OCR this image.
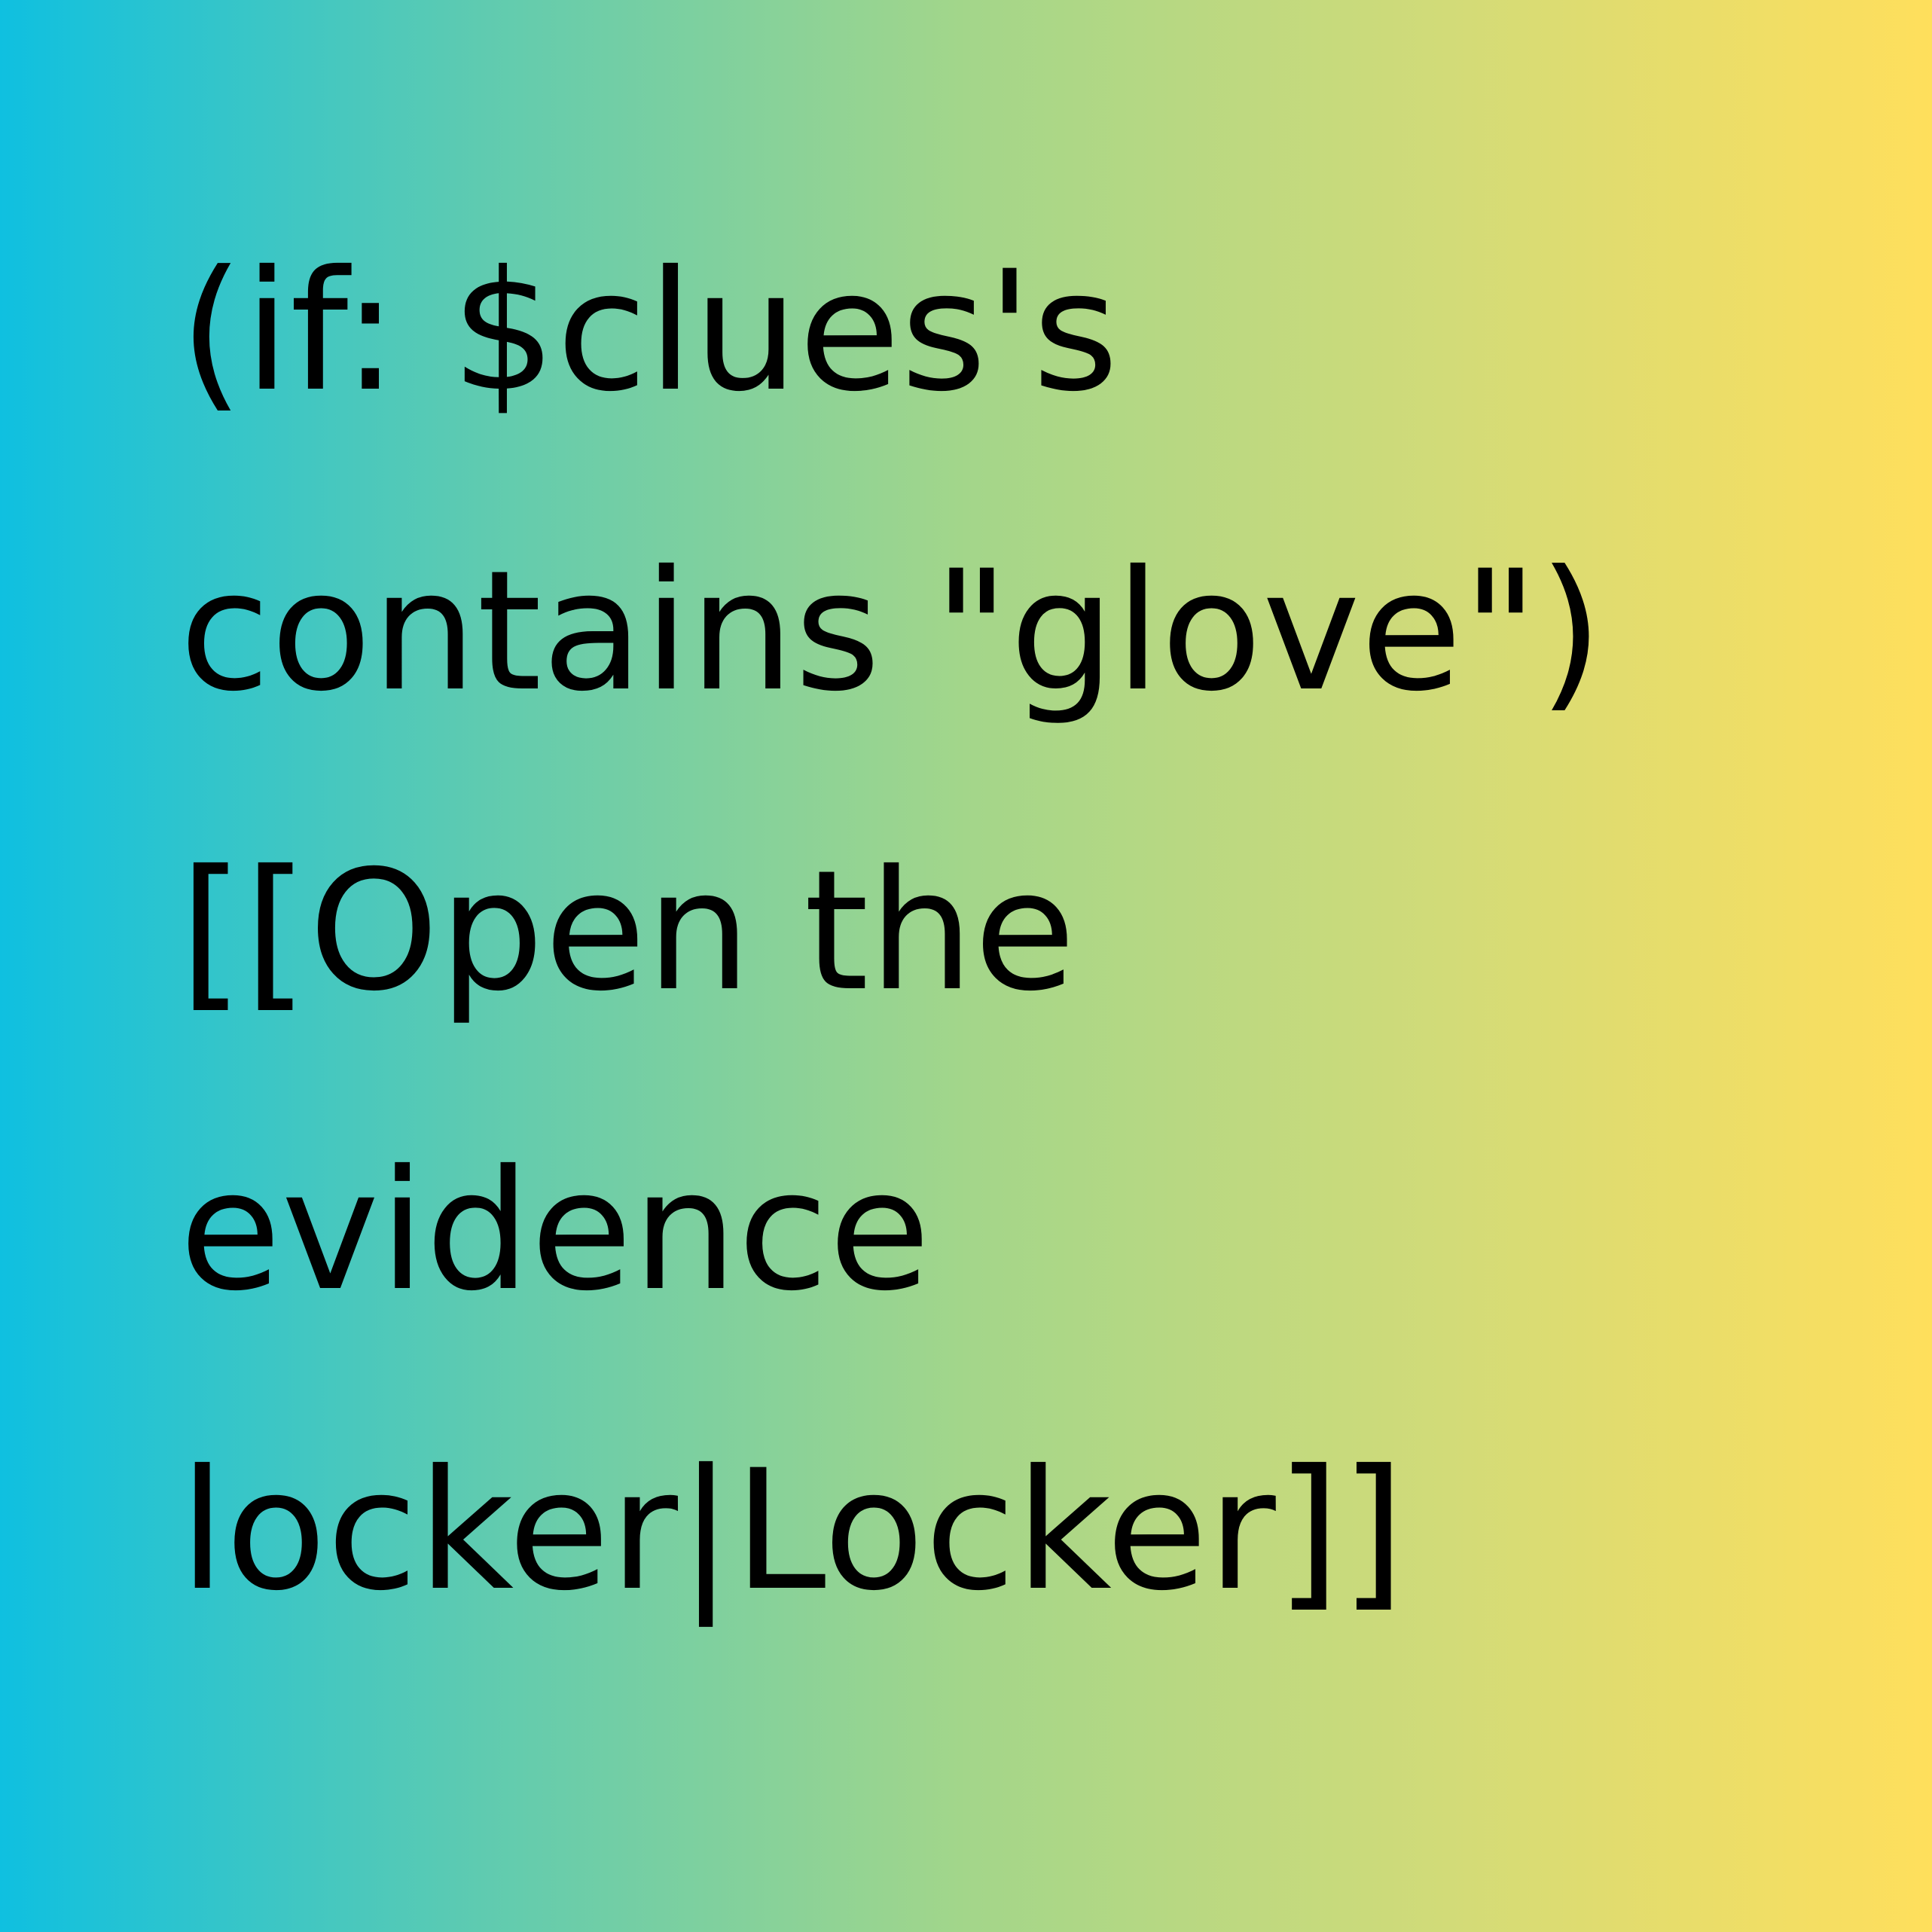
(if: $clues's
contains "glove")
[[Open the
evidence
locker|Locker]]
